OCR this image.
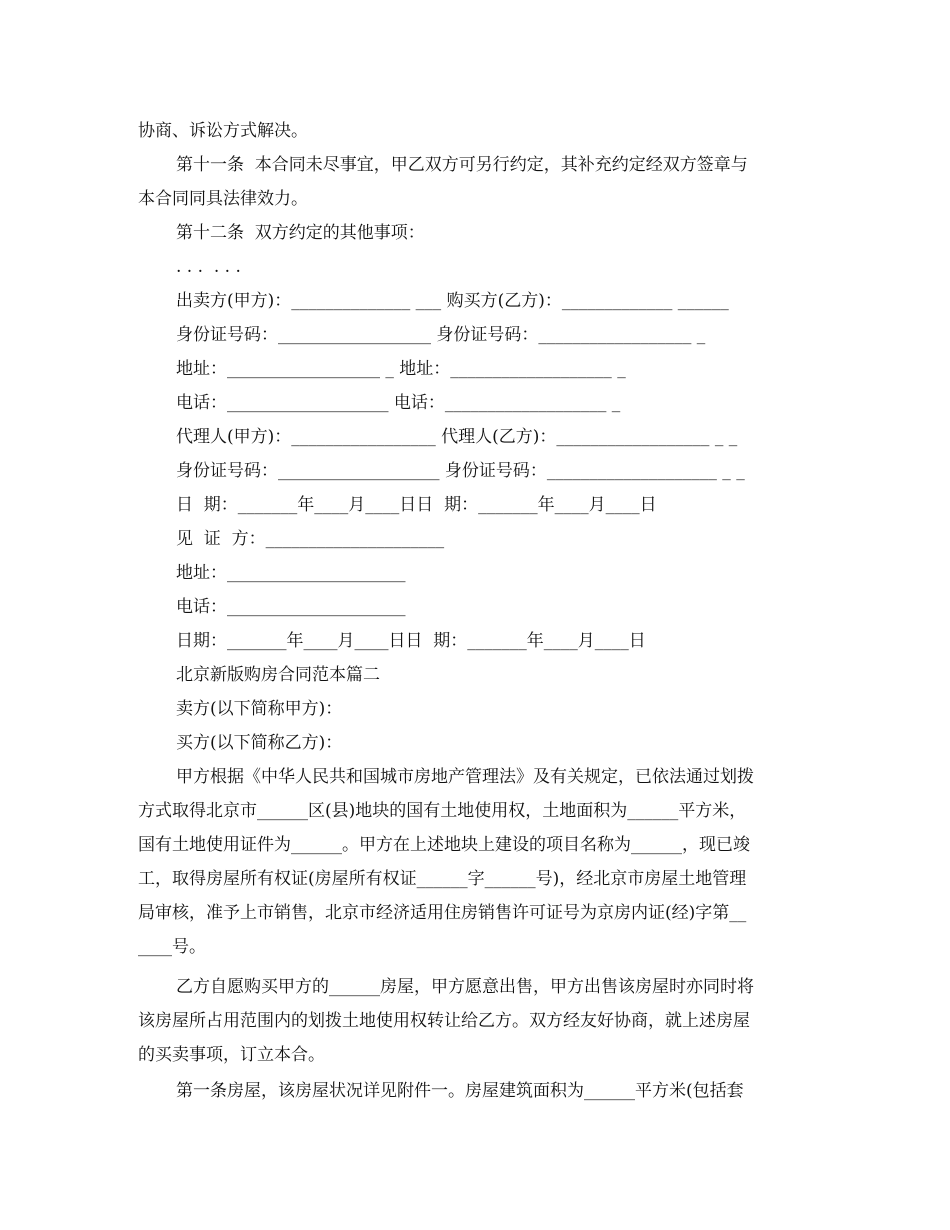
协商、诉讼方式解决。
第十一条  本合同未尽事宜，甲乙双方可另行约定，其补充约定经双方签章与
本合同同具法律效力。
第十二条  双方约定的其他事项：
. . .  . . .
出卖方(甲方)：______________ ___ 购买方(乙方)：_____________ ______
身份证号码：__________________ 身份证号码：__________________ _
地址：__________________ _ 地址：___________________ _
电话：___________________ 电话：___________________ _
代理人(甲方)：_________________ 代理人(乙方)：__________________ _ _
身份证号码：___________________ 身份证号码：____________________ _ _
日  期：_______年____月____日日  期：_______年____月____日
见  证  方：_____________________
地址：_____________________
电话：_____________________
日期：_______年____月____日日  期：_______年____月____日
北京新版购房合同范本篇二
卖方(以下简称甲方)：
买方(以下简称乙方)：
甲方根据《中华人民共和国城市房地产管理法》及有关规定，已依法通过划拨
方式取得北京市______区(县)地块的国有土地使用权，土地面积为______平方米，
国有土地使用证件为______。甲方在上述地块上建设的项目名称为______，现已竣
工，取得房屋所有权证(房屋所有权证______字______号)，经北京市房屋土地管理
局审核，准予上市销售，北京市经济适用住房销售许可证号为京房内证(经)字第__
____号。
乙方自愿购买甲方的______房屋，甲方愿意出售，甲方出售该房屋时亦同时将
该房屋所占用范围内的划拨土地使用权转让给乙方。双方经友好协商，就上述房屋
的买卖事项，订立本合。
第一条房屋，该房屋状况详见附件一。房屋建筑面积为______平方米(包括套
